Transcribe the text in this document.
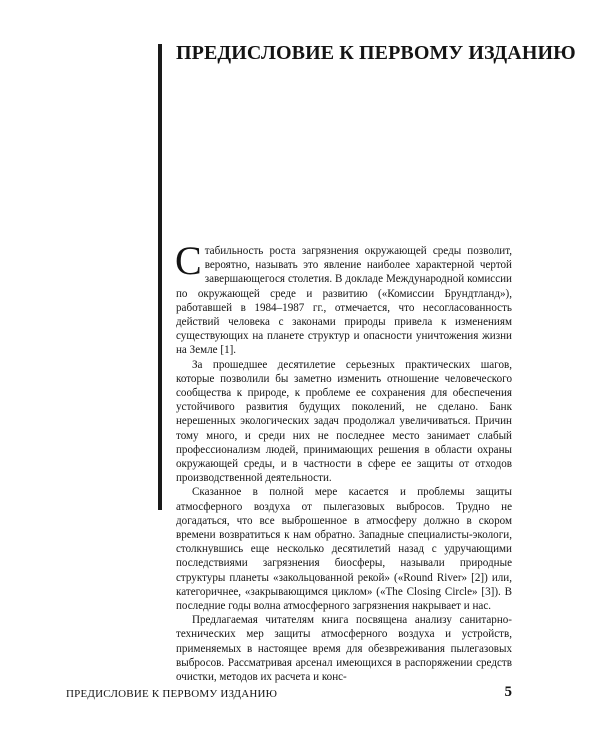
ПРЕДИСЛОВИЕ К ПЕРВОМУ ИЗДАНИЮ

Стабильность роста загрязнения окружающей среды позволит, вероятно, называть это явление наиболее характерной чертой завершающегося столетия. В докладе Международной комиссии по окружающей среде и развитию («Комиссии Брундтланд»), работавшей в 1984–1987 гг., отмечается, что несогласованность действий человека с законами природы привела к изменениям существующих на планете структур и опасности уничтожения жизни на Земле [1].

За прошедшее десятилетие серьезных практических шагов, которые позволили бы заметно изменить отношение человеческого сообщества к природе, к проблеме ее сохранения для обеспечения устойчивого развития будущих поколений, не сделано. Банк нерешенных экологических задач продолжал увеличиваться. Причин тому много, и среди них не последнее место занимает слабый профессионализм людей, принимающих решения в области охраны окружающей среды, и в частности в сфере ее защиты от отходов производственной деятельности.

Сказанное в полной мере касается и проблемы защиты атмосферного воздуха от пылегазовых выбросов. Трудно не догадаться, что все выброшенное в атмосферу должно в скором времени возвратиться к нам обратно. Западные специалисты-экологи, столкнувшись еще несколько десятилетий назад с удручающими последствиями загрязнения биосферы, называли природные структуры планеты «закольцованной рекой» («Round River» [2]) или, категоричнее, «закрывающимся циклом» («The Closing Circle» [3]). В последние годы волна атмосферного загрязнения накрывает и нас.

Предлагаемая читателям книга посвящена анализу санитарно-технических мер защиты атмосферного воздуха и устройств, применяемых в настоящее время для обезвреживания пылегазовых выбросов. Рассматривая арсенал имеющихся в распоряжении средств очистки, методов их расчета и конс-

ПРЕДИСЛОВИЕ К ПЕРВОМУ ИЗДАНИЮ	5
